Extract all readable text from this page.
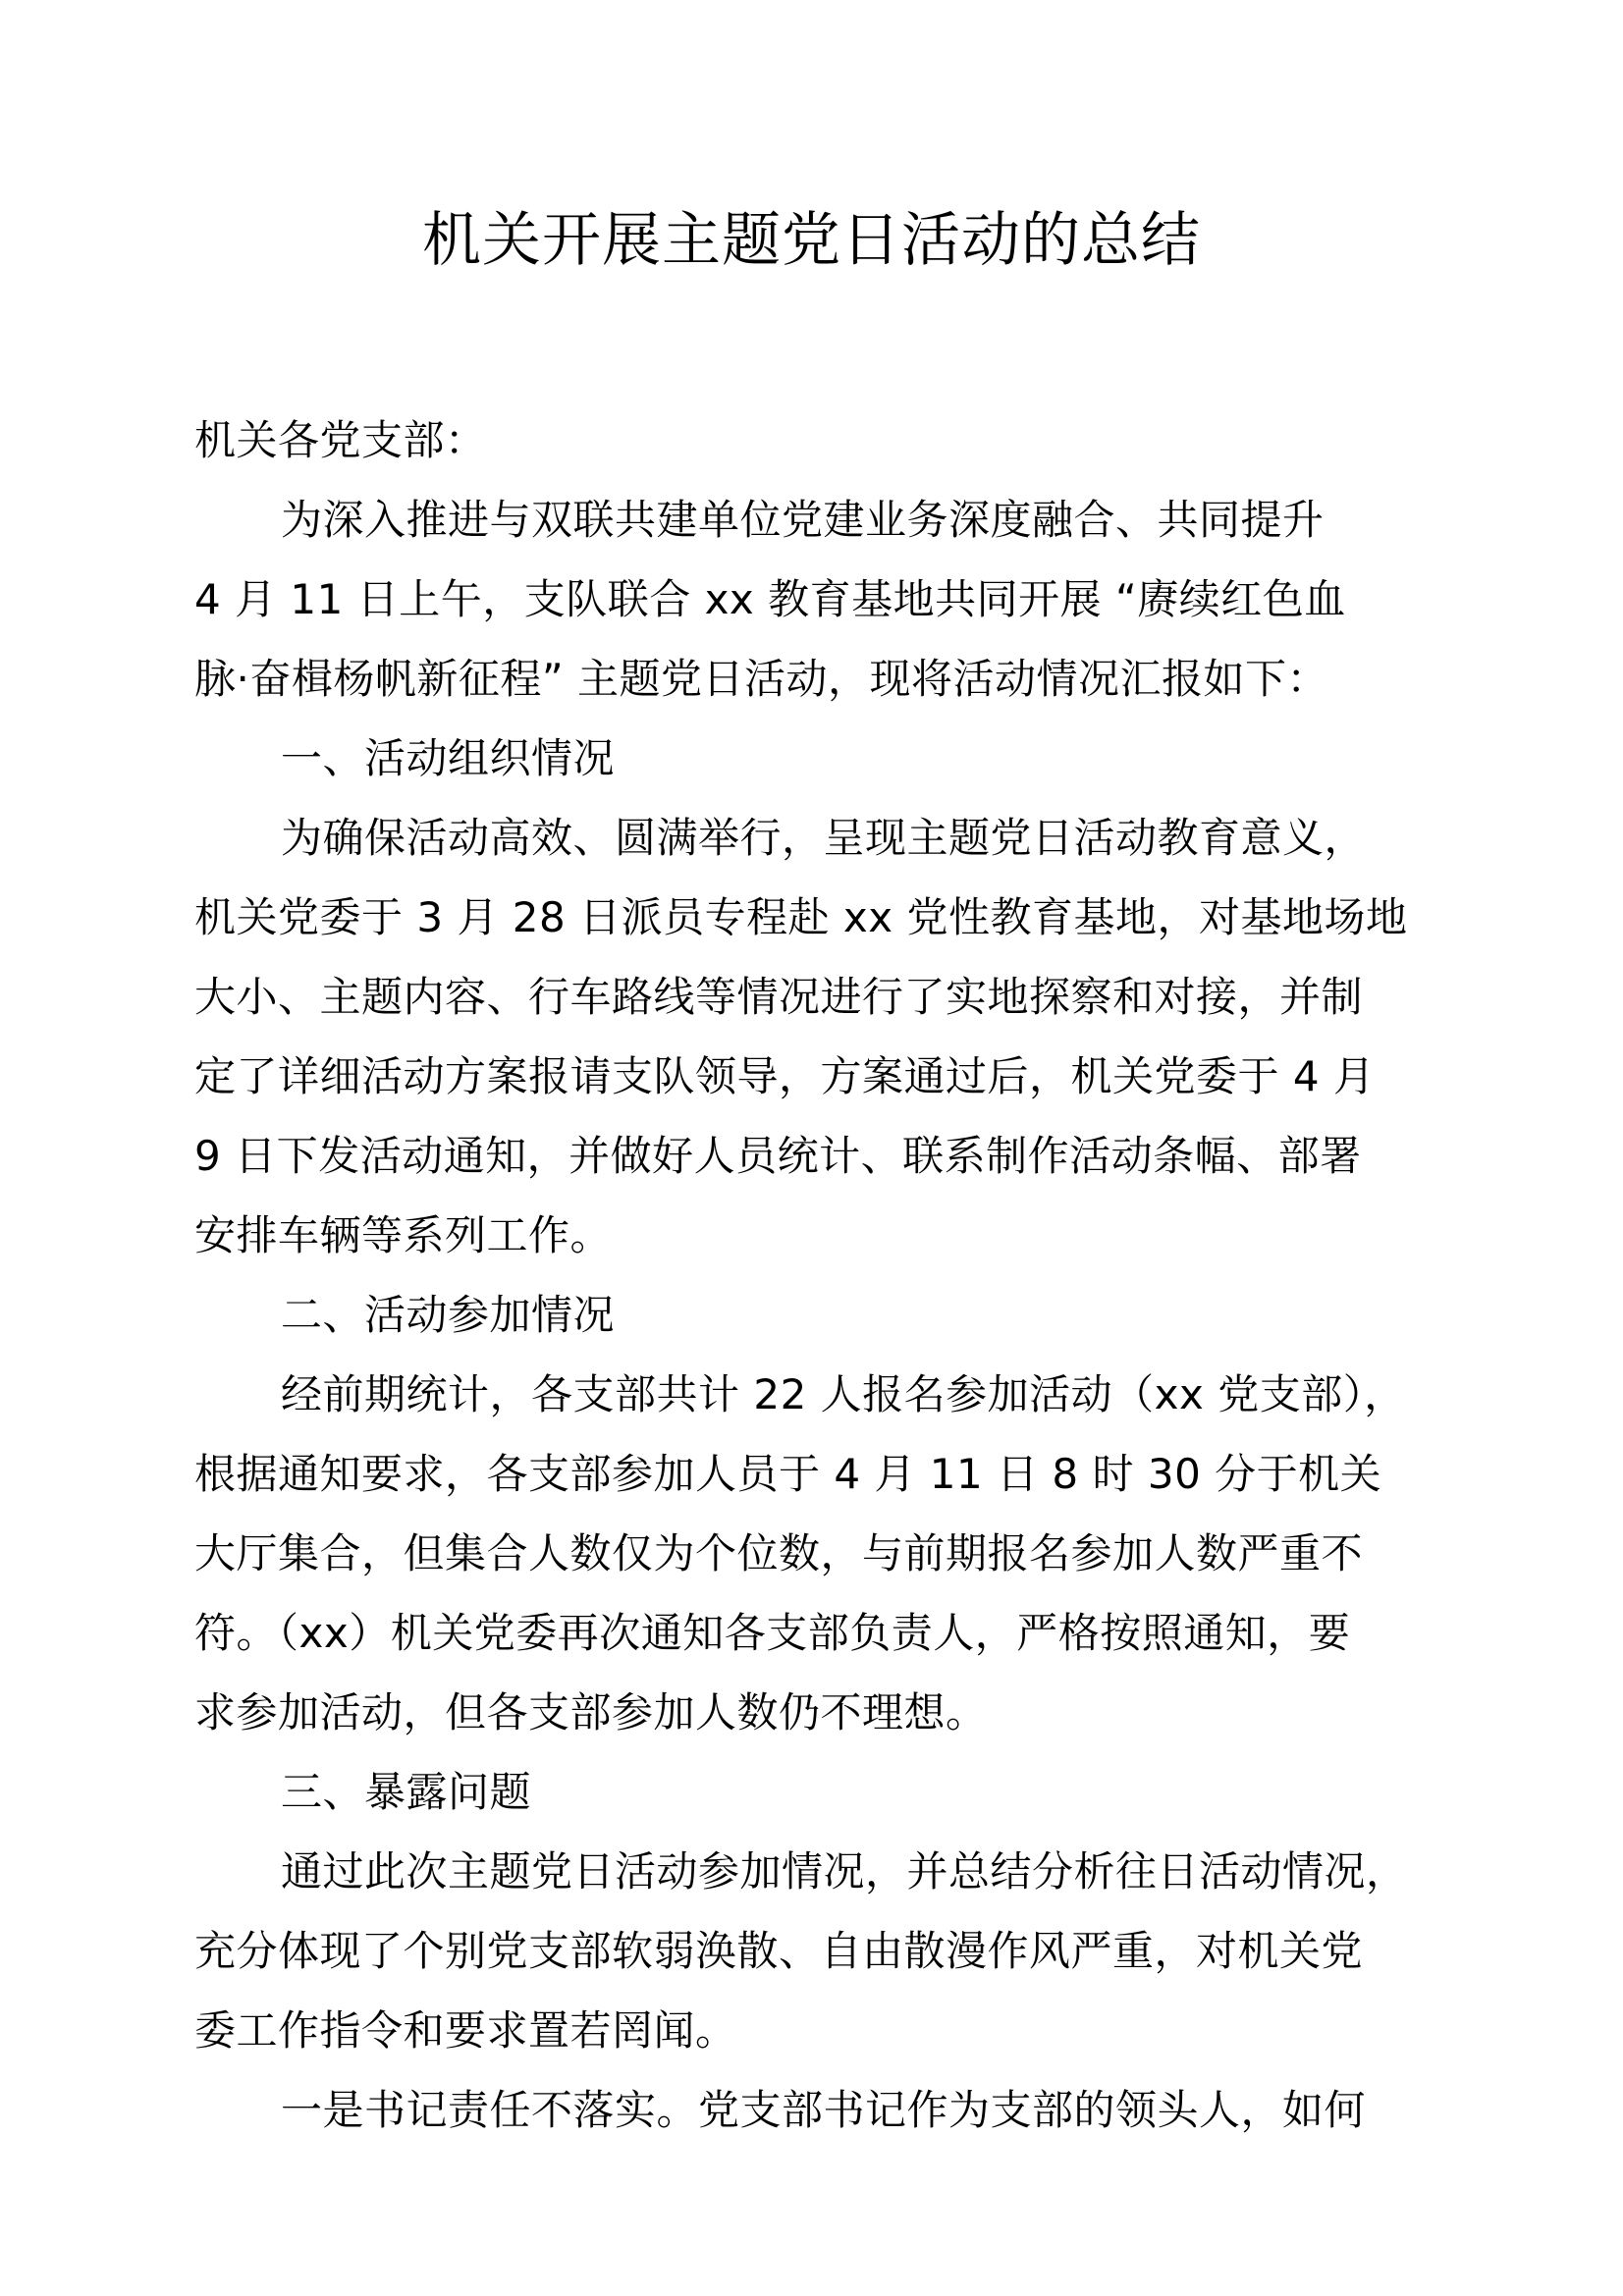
机关开展主题党日活动的总结
机关各党支部：
为深入推进与双联共建单位党建业务深度融合、共同提升
4 月 11 日上午，支队联合 xx 教育基地共同开展 “赓续红色血
脉·奋楫杨帆新征程” 主题党日活动，现将活动情况汇报如下：
一、活动组织情况
为确保活动高效、圆满举行，呈现主题党日活动教育意义，
机关党委于 3 月 28 日派员专程赴 xx 党性教育基地，对基地场地
大小、主题内容、行车路线等情况进行了实地探察和对接，并制
定了详细活动方案报请支队领导，方案通过后，机关党委于 4 月
9 日下发活动通知，并做好人员统计、联系制作活动条幅、部署
安排车辆等系列工作。
二、活动参加情况
经前期统计，各支部共计 22 人报名参加活动（xx 党支部），
根据通知要求，各支部参加人员于 4 月 11 日 8 时 30 分于机关
大厅集合，但集合人数仅为个位数，与前期报名参加人数严重不
符。（xx）机关党委再次通知各支部负责人，严格按照通知，要
求参加活动，但各支部参加人数仍不理想。
三、暴露问题
通过此次主题党日活动参加情况，并总结分析往日活动情况，
充分体现了个别党支部软弱涣散、自由散漫作风严重，对机关党
委工作指令和要求置若罔闻。
一是书记责任不落实。党支部书记作为支部的领头人，如何
